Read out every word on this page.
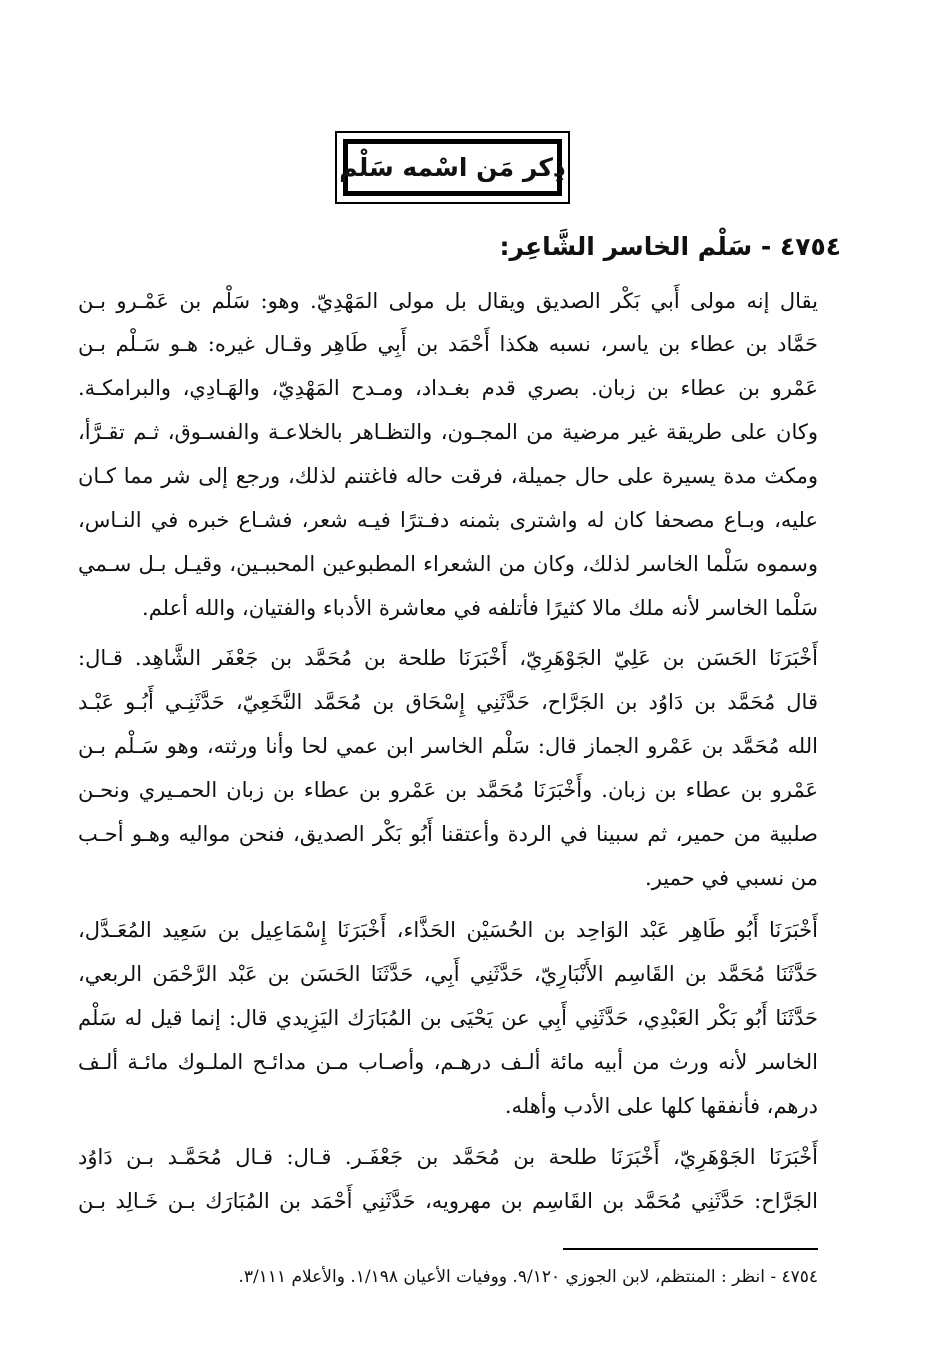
ذِكر مَن اسْمه سَلْم
٤٧٥٤ - سَلْم الخاسر الشَّاعِر:
يقال إنه مولى أَبي بَكْر الصديق ويقال بل مولى المَهْدِيّ. وهو: سَلْم بن عَمْـرو بـن
حَمَّاد بن عطاء بن ياسر، نسبه هكذا أَحْمَد بن أَبِي طَاهِر وقـال غيره: هـو سَـلْم بـن
عَمْرو بن عطاء بن زبان. بصري قدم بغـداد، ومـدح المَهْدِيّ، والهَـادِي، والبرامكـة.
وكان على طريقة غير مرضية من المجـون، والتظـاهر بالخلاعـة والفسـوق، ثـم تقـرَّأ،
ومكث مدة يسيرة على حال جميلة، فرقت حاله فاغتنم لذلك، ورجع إلى شر مما كـان
عليه، وبـاع مصحفا كان له واشترى بثمنه دفـترًا فيـه شعر، فشـاع خبره في النـاس،
وسموه سَلْما الخاسر لذلك، وكان من الشعراء المطبوعين المحببـين، وقيـل بـل سـمي
سَلْما الخاسر لأنه ملك مالا كثيرًا فأتلفه في معاشرة الأدباء والفتيان، والله أعلم.
أَخْبَرَنَا الحَسَن بن عَلِيّ الجَوْهَرِيّ، أَخْبَرَنَا طلحة بن مُحَمَّد بن جَعْفَر الشَّاهِد. قـال:
قال مُحَمَّد بن دَاوُد بن الجَرَّاح، حَدَّثَنِي إِسْحَاق بن مُحَمَّد النَّخَعِيّ، حَدَّثَنِـي أَبُـو عَبْـد
الله مُحَمَّد بن عَمْرو الجماز قال: سَلْم الخاسر ابن عمي لحا وأنا ورثته، وهو سَـلْم بـن
عَمْرو بن عطاء بن زبان. وأَخْبَرَنَا مُحَمَّد بن عَمْرو بن عطاء بن زبان الحمـيري ونحـن
صلبية من حمير، ثم سبينا في الردة وأعتقنا أَبُو بَكْر الصديق، فنحن مواليه وهـو أحـب
من نسبي في حمير.
أَخْبَرَنَا أَبُو طَاهِر عَبْد الوَاحِد بن الحُسَيْن الحَذَّاء، أَخْبَرَنَا إِسْمَاعِيل بن سَعِيد المُعَـدَّل،
حَدَّثَنَا مُحَمَّد بن القَاسِم الأَنْبَارِيّ، حَدَّثَنِي أَبِي، حَدَّثَنَا الحَسَن بن عَبْد الرَّحْمَن الربعي،
حَدَّثَنَا أَبُو بَكْر العَبْدِي، حَدَّثَنِي أَبِي عن يَحْيَى بن المُبَارَك اليَزِيدي قال: إنما قيل له سَلْم
الخاسر لأنه ورث من أبيه مائة ألـف درهـم، وأصـاب مـن مدائـح الملـوك مائـة ألـف
درهم، فأنفقها كلها على الأدب وأهله.
أَخْبَرَنَا الجَوْهَرِيّ، أَخْبَرَنَا طلحة بن مُحَمَّد بن جَعْفَـر. قـال: قـال مُحَمَّـد بـن دَاوُد
الجَرَّاح: حَدَّثَنِي مُحَمَّد بن القَاسِم بن مهرويه، حَدَّثَنِي أَحْمَد بن المُبَارَك بـن خَـالِد بـن
٤٧٥٤ - انظر : المنتظم، لابن الجوزي ٩/١٢٠. ووفيات الأعيان ١/١٩٨. والأعلام ٣/١١١.
